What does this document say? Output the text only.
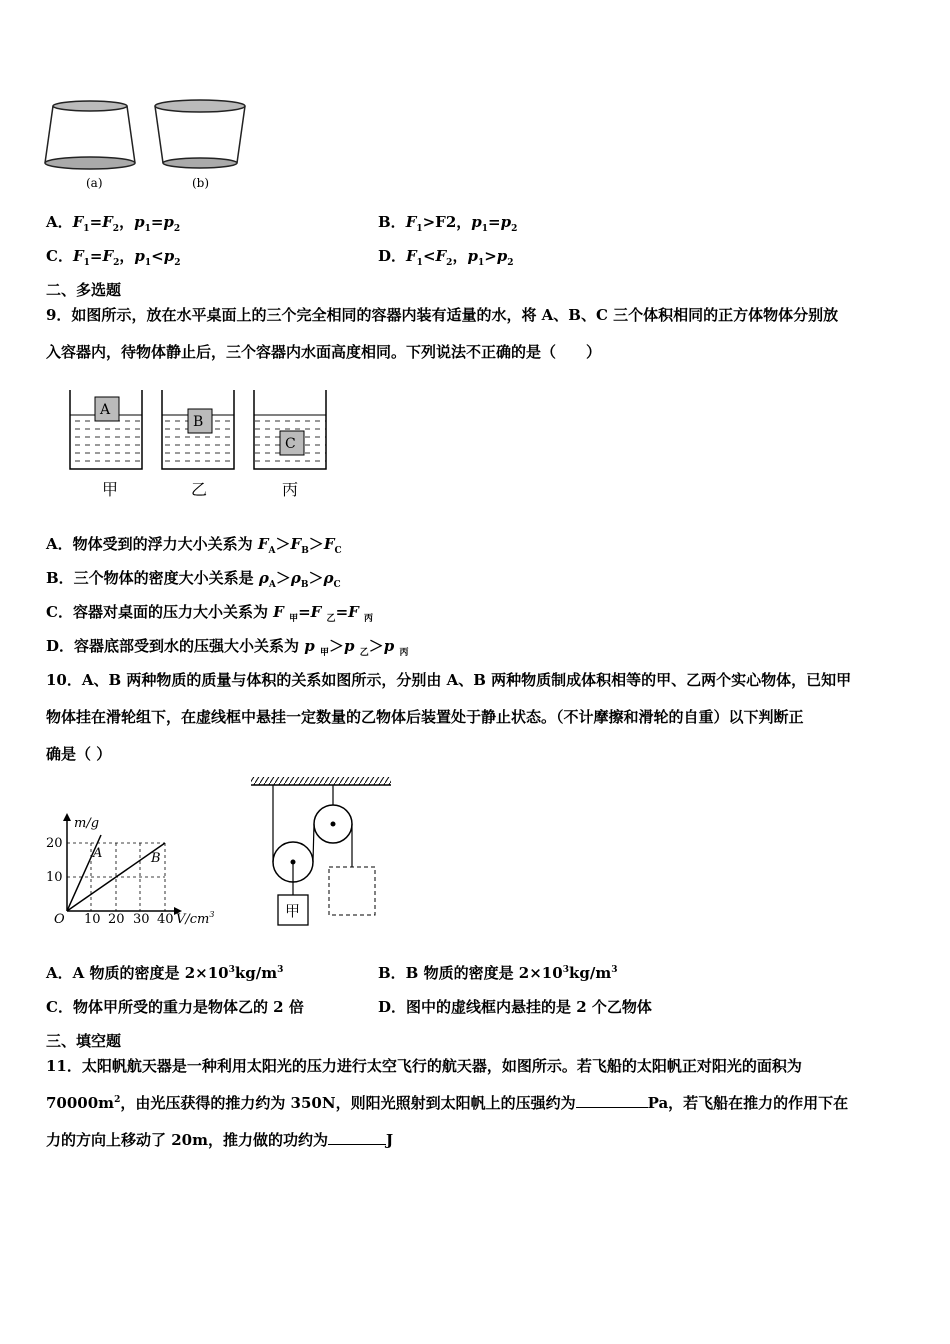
(a)	(b)
A．$F_1=F_2$，$p_1=p_2$	B．$F_1>F2$，$p_1=p_2$
C．$F_1=F_2$，$p_1<p_2$	D．$F_1<F_2$，$p_1>p_2$
二、多选题
9．如图所示，放在水平桌面上的三个完全相同的容器内装有适量的水，将 A、B、C 三个体积相同的正方体物体分别放
入容器内，待物体静止后，三个容器内水面高度相同。下列说法不正确的是（　　）
A
B
C
甲	乙	丙
A．物体受到的浮力大小关系为 $F_A>F_B>F_C$
B．三个物体的密度大小关系是 $\rho_A>\rho_B>\rho_C$
C．容器对桌面的压力大小关系为 F $_甲$=F $_乙$=F $_丙$
D．容器底部受到水的压强大小关系为 p $_甲$＞p $_乙$＞p $_丙$
10．A、B 两种物质的质量与体积的关系如图所示，分别由 A、B 两种物质制成体积相等的甲、乙两个实心物体，已知甲
物体挂在滑轮组下，在虚线框中悬挂一定数量的乙物体后装置处于静止状态。（不计摩擦和滑轮的自重）以下判断正
确是（ ）
A	B
m/g
20
10
O 10 20 30 40 $V/cm^3$	甲
A．A 物质的密度是 $2\times 10^3kg/m^3$	B．B 物质的密度是 $2\times 10^3kg/m^3$
C．物体甲所受的重力是物体乙的 2 倍	D．图中的虚线框内悬挂的是 2 个乙物体
三、填空题
11．太阳帆航天器是一种利用太阳光的压力进行太空飞行的航天器，如图所示。若飞船的太阳帆正对阳光的面积为
$70000m^2$，由光压获得的推力约为 350N，则阳光照射到太阳帆上的压强约为	Pa，若飞船在推力的作用下在
力的方向上移动了 20m，推力做的功约为	J
